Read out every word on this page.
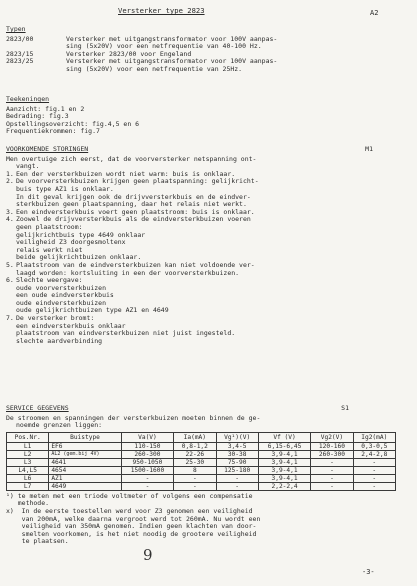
Versterker type 2823	A2
Typen
2823/00	Versterker met uitgangstransformator voor 100V aanpas-
sing (5x20V) voor een netfrequentie van 40-100 Hz.
2823/15	Versterker 2823/00 voor Engeland
2823/25	Versterker met uitgangstransformator voor 100V aanpas-
sing (5x20V) voor een netfrequentie van 25Hz.
Teekeningen
Aanzicht: fig.1 en 2
Bedrading: fig.3
Opstellingsoverzicht: fig.4,5 en 6
Frequentiekrommen: fig.7
VOORKOMENDE STORINGEN	M1
Men overtuige zich eerst, dat de voorversterker netspanning ont-
vangt.
1. Een der versterkbuizen wordt niet warm: buis is onklaar.
2. De voorversterkbuizen krijgen geen plaatspanning: gelijkricht-
buis type AZ1 is onklaar.
In dit geval krijgen ook de drijvversterkbuis en de eindver-
sterkbuizen geen plaatspanning, daar het relais niet werkt.
3. Een eindversterkbuis voert geen plaatstroom: buis is onklaar.
4. Zoowel de drijvversterkbuis als de eindversterkbuizen voeren
geen plaatstroom:
gelijkrichtbuis type 4649 onklaar
veiligheid Z3 doorgesmoltenx
relais werkt niet
beide gelijkrichtbuizen onklaar.
5. Plaatstroom van de eindversterkbuizen kan niet voldoende ver-
laagd worden: kortsluiting in een der voorversterkbuizen.
6. Slechte weergave:
oude voorversterkbuizen
een oude eindversterkbuis
oude eindversterkbuizen
oude gelijkrichtbuizen type AZ1 en 4649
7. De versterker bromt:
een eindversterkbuis onklaar
plaatstroom van eindversterkbuizen niet juist ingesteld.
slechte aardverbinding
SERVICE GEGEVENS	S1
De stroomen en spanningen der versterkbuizen moeten binnen de ge-
noemde grenzen liggen:
Pos.Nr.	Buistype	Va(V)	Ia(mA)	Vg¹)(V)	Vf (V)	Vg2(V)	Ig2(mA)
L1	EF6	110-150	0,8-1,2	3,4-5	6,15-6,45	120-160	0,3-0,5
L2	AL2 (gem.bij 4V)	260-300	22-26	30-38	3,9-4,1	260-300	2,4-2,8
L3	4641	950-1050	25-30	75-90	3,9-4,1	-	-
L4,L5	4654	1500-1600	8	125-180	3,9-4,1	-	-
L6	AZ1	-	-	-	3,9-4,1	-	-
L7	4649	-	-	-	2,2-2,4	-	-
¹) te meten met een triode voltmeter of volgens een compensatie
methode.
x)  In de eerste toestellen werd voor Z3 genomen een veiligheid
van 200mA, welke daarna vergroot werd tot 260mA. Nu wordt een
veiligheid van 350mA genomen. Indien geen klachten van door-
smelten voorkomen, is het niet noodig de grootere veiligheid
te plaatsen.
9
-3-
